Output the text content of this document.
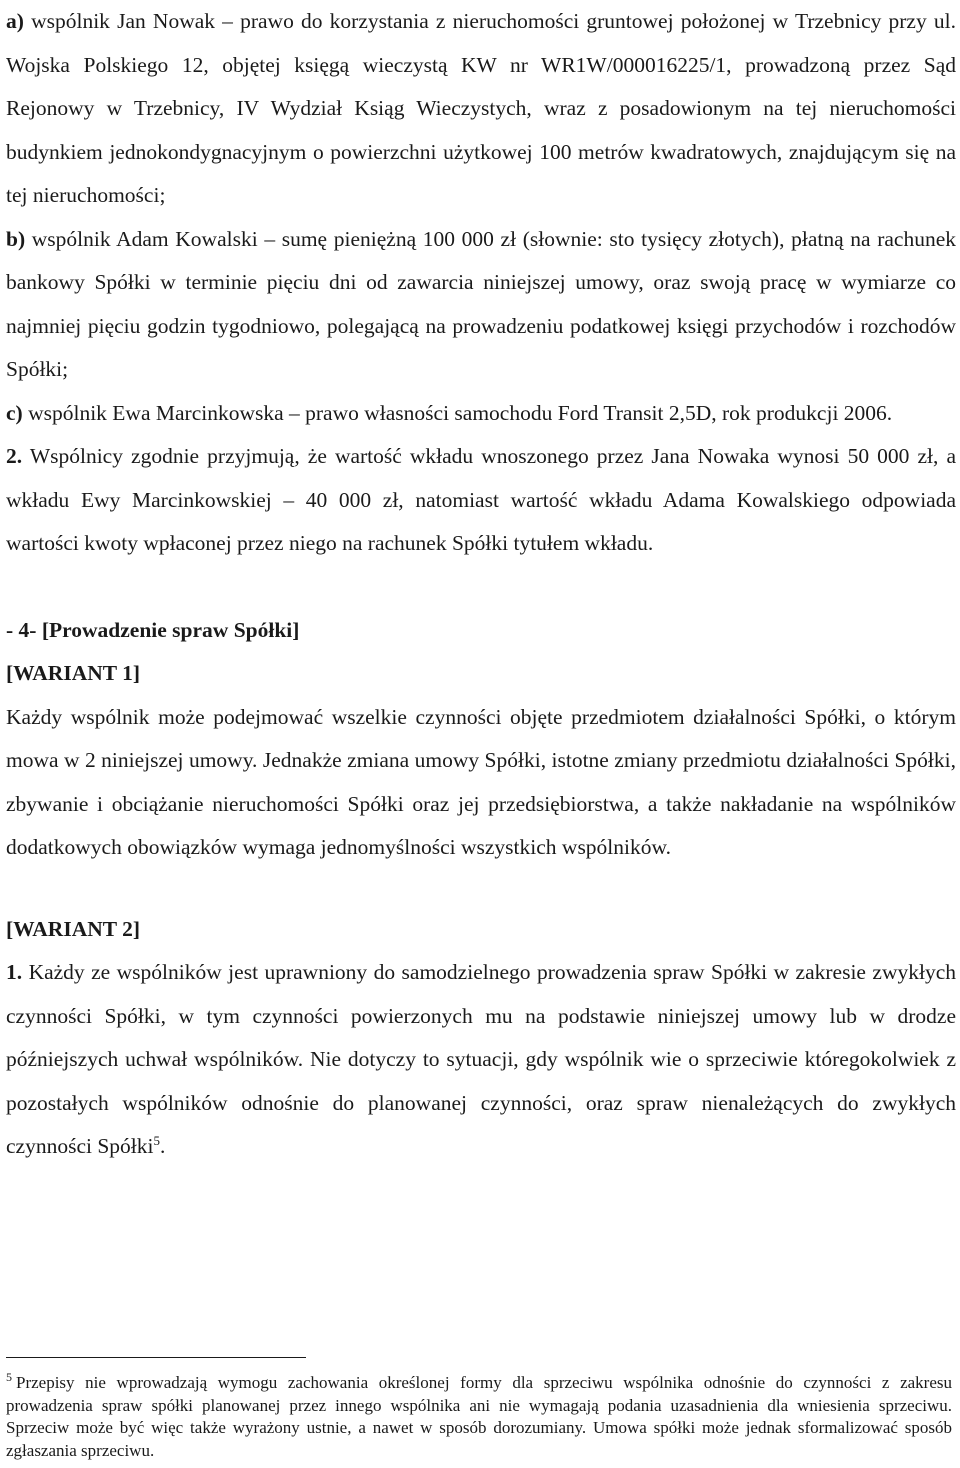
a) wspólnik Jan Nowak – prawo do korzystania z nieruchomości gruntowej położonej w Trzebnicy przy ul. Wojska Polskiego 12, objętej księgą wieczystą KW nr WR1W/000016225/1, prowadzoną przez Sąd Rejonowy w Trzebnicy, IV Wydział Ksiąg Wieczystych, wraz z posadowionym na tej nieruchomości budynkiem jednokondygnacyjnym o powierzchni użytkowej 100 metrów kwadratowych, znajdującym się na tej nieruchomości;

b) wspólnik Adam Kowalski – sumę pieniężną 100 000 zł (słownie: sto tysięcy złotych), płatną na rachunek bankowy Spółki w terminie pięciu dni od zawarcia niniejszej umowy, oraz swoją pracę w wymiarze co najmniej pięciu godzin tygodniowo, polegającą na prowadzeniu podatkowej księgi przychodów i rozchodów Spółki;

c) wspólnik Ewa Marcinkowska – prawo własności samochodu Ford Transit 2,5D, rok produkcji 2006.

2. Wspólnicy zgodnie przyjmują, że wartość wkładu wnoszonego przez Jana Nowaka wynosi 50 000 zł, a wkładu Ewy Marcinkowskiej – 40 000 zł, natomiast wartość wkładu Adama Kowalskiego odpowiada wartości kwoty wpłaconej przez niego na rachunek Spółki tytułem wkładu.

- 4- [Prowadzenie spraw Spółki]

[WARIANT 1]

Każdy wspólnik może podejmować wszelkie czynności objęte przedmiotem działalności Spółki, o którym mowa w 2 niniejszej umowy. Jednakże zmiana umowy Spółki, istotne zmiany przedmiotu działalności Spółki, zbywanie i obciążanie nieruchomości Spółki oraz jej przedsiębiorstwa, a także nakładanie na wspólników dodatkowych obowiązków wymaga jednomyślności wszystkich wspólników.

[WARIANT 2]

1. Każdy ze wspólników jest uprawniony do samodzielnego prowadzenia spraw Spółki w zakresie zwykłych czynności Spółki, w tym czynności powierzonych mu na podstawie niniejszej umowy lub w drodze późniejszych uchwał wspólników. Nie dotyczy to sytuacji, gdy wspólnik wie o sprzeciwie któregokolwiek z pozostałych wspólników odnośnie do planowanej czynności, oraz spraw nienależących do zwykłych czynności Spółki$^5$.

$^5$ Przepisy nie wprowadzają wymogu zachowania określonej formy dla sprzeciwu wspólnika odnośnie do czynności z zakresu prowadzenia spraw spółki planowanej przez innego wspólnika ani nie wymagają podania uzasadnienia dla wniesienia sprzeciwu. Sprzeciw może być więc także wyrażony ustnie, a nawet w sposób dorozumiany. Umowa spółki może jednak sformalizować sposób zgłaszania sprzeciwu.
